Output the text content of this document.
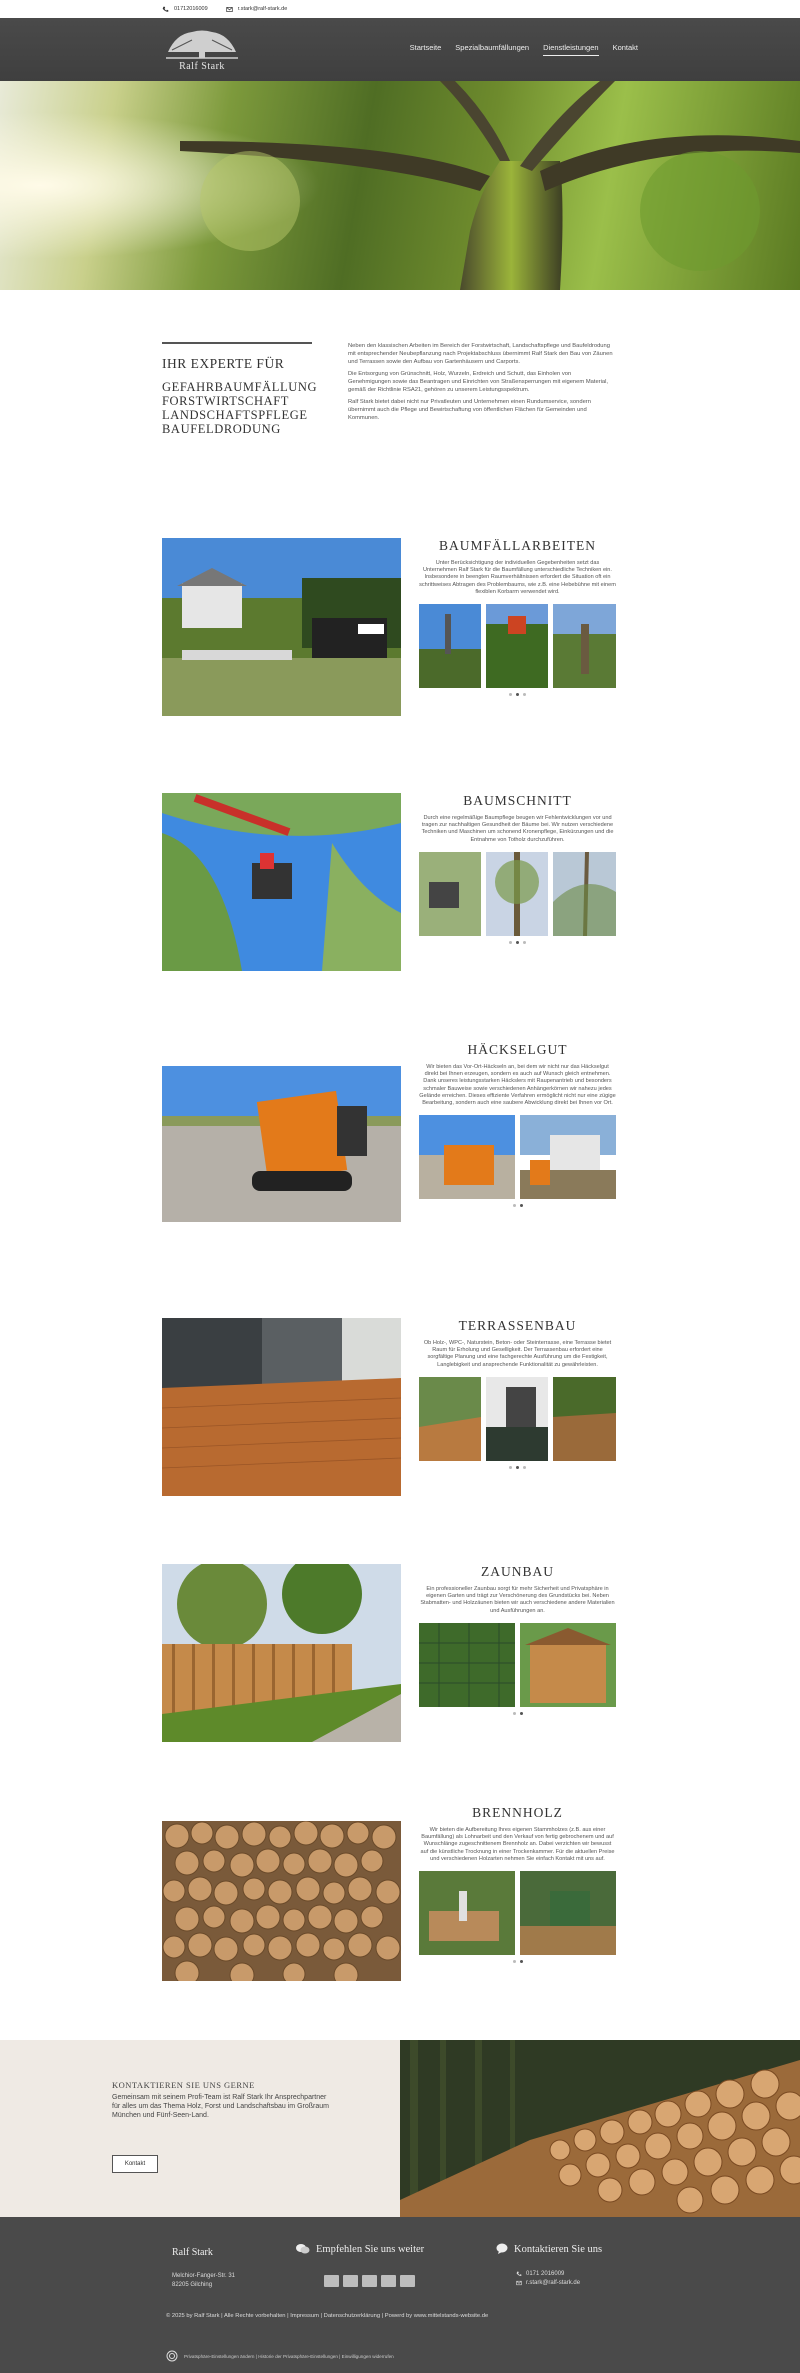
01712016009	r.stark@ralf-stark.de
Ralf Stark
Startseite Spezialbaumfällungen Dienstleistungen Kontakt
IHR EXPERTE FÜR
GEFAHRBAUMFÄLLUNG
FORSTWIRTSCHAFT
LANDSCHAFTSPFLEGE
BAUFELDRODUNG

Neben den klassischen Arbeiten im Bereich der Forstwirtschaft, Landschaftspflege und Baufeldrodung mit entsprechender Neubepflanzung nach Projektabschluss übernimmt Ralf Stark den Bau von Zäunen und Terrassen sowie den Aufbau von Gartenhäusern und Carports.

Die Entsorgung von Grünschnitt, Holz, Wurzeln, Erdreich und Schutt, das Einholen von Genehmigungen sowie das Beantragen und Einrichten von Straßensperrungen mit eigenem Material, gemäß der Richtlinie RSA21, gehören zu unserem Leistungsspektrum.

Ralf Stark bietet dabei nicht nur Privatleuten und Unternehmen einen Rundumservice, sondern übernimmt auch die Pflege und Bewirtschaftung von öffentlichen Flächen für Gemeinden und Kommunen.

BAUMFÄLLARBEITEN
Unter Berücksichtigung der individuellen Gegebenheiten setzt das Unternehmen Ralf Stark für die Baumfällung unterschiedliche Techniken ein. Insbesondere in beengten Raumverhältnissen erfordert die Situation oft ein schrittweises Abtragen des Problembaums, wie z.B. eine Hebebühne mit einem flexiblen Korbarm verwendet wird.
BAUMSCHNITT
Durch eine regelmäßige Baumpflege beugen wir Fehlentwicklungen vor und tragen zur nachhaltigen Gesundheit der Bäume bei. Wir nutzen verschiedene Techniken und Maschinen um schonend Kronenpflege, Einkürzungen und die Entnahme von Totholz durchzuführen.
HÄCKSELGUT
Wir bieten das Vor-Ort-Häckseln an, bei dem wir nicht nur das Häckselgut direkt bei Ihnen erzeugen, sondern es auch auf Wunsch gleich entnehmen. Dank unseres leistungsstarken Häckslers mit Raupenantrieb und besonders schmaler Bauweise sowie verschiedenen Anhängerkörnen wir nahezu jedes Gelände erreichen. Dieses effiziente Verfahren ermöglicht nicht nur eine zügige Bearbeitung, sondern auch eine saubere Abwicklung direkt bei Ihnen vor Ort.
TERRASSENBAU
Ob Holz-, WPC-, Naturstein, Beton- oder Steinterrasse, eine Terrasse bietet Raum für Erholung und Geselligkeit. Der Terrassenbau erfordert eine sorgfältige Planung und eine fachgerechte Ausführung um die Festigkeit, Langlebigkeit und ansprechende Funktionalität zu gewährleisten.
ZAUNBAU
Ein professioneller Zaunbau sorgt für mehr Sicherheit und Privatsphäre in eigenen Garten und trägt zur Verschönerung des Grundstücks bei. Neben Stabmatten- und Holzzäunen bieten wir auch verschiedene andere Materialien und Ausführungen an.
BRENNHOLZ
Wir bieten die Aufbereitung Ihres eigenen Stammholzes (z.B. aus einer Baumfällung) als Lohnarbeit und den Verkauf von fertig gebrochenem und auf Wunschlänge zugeschnittenem Brennholz an. Dabei verzichten wir bewusst auf die künstliche Trocknung in einer Trockenkammer. Für die aktuellen Preise und verschiedenen Holzarten nehmen Sie einfach Kontakt mit uns auf.
KONTAKTIEREN SIE UNS GERNE
Gemeinsam mit seinem Profi-Team ist Ralf Stark Ihr Ansprechpartner für alles um das Thema Holz, Forst und Landschaftsbau im Großraum München und Fünf-Seen-Land.
Kontakt
Ralf Stark
Melchior-Fanger-Str. 31
82205 Gilching
Empfehlen Sie uns weiter	Kontaktieren Sie uns
0171 2016009
r.stark@ralf-stark.de
© 2025 by Ralf Stark | Alle Rechte vorbehalten | Impressum | Datenschutzerklärung | Powerd by www.mittelstands-website.de
Privatsphäre-Einstellungen ändern | Historie der Privatsphäre-Einstellungen | Einwilligungen widerrufen
